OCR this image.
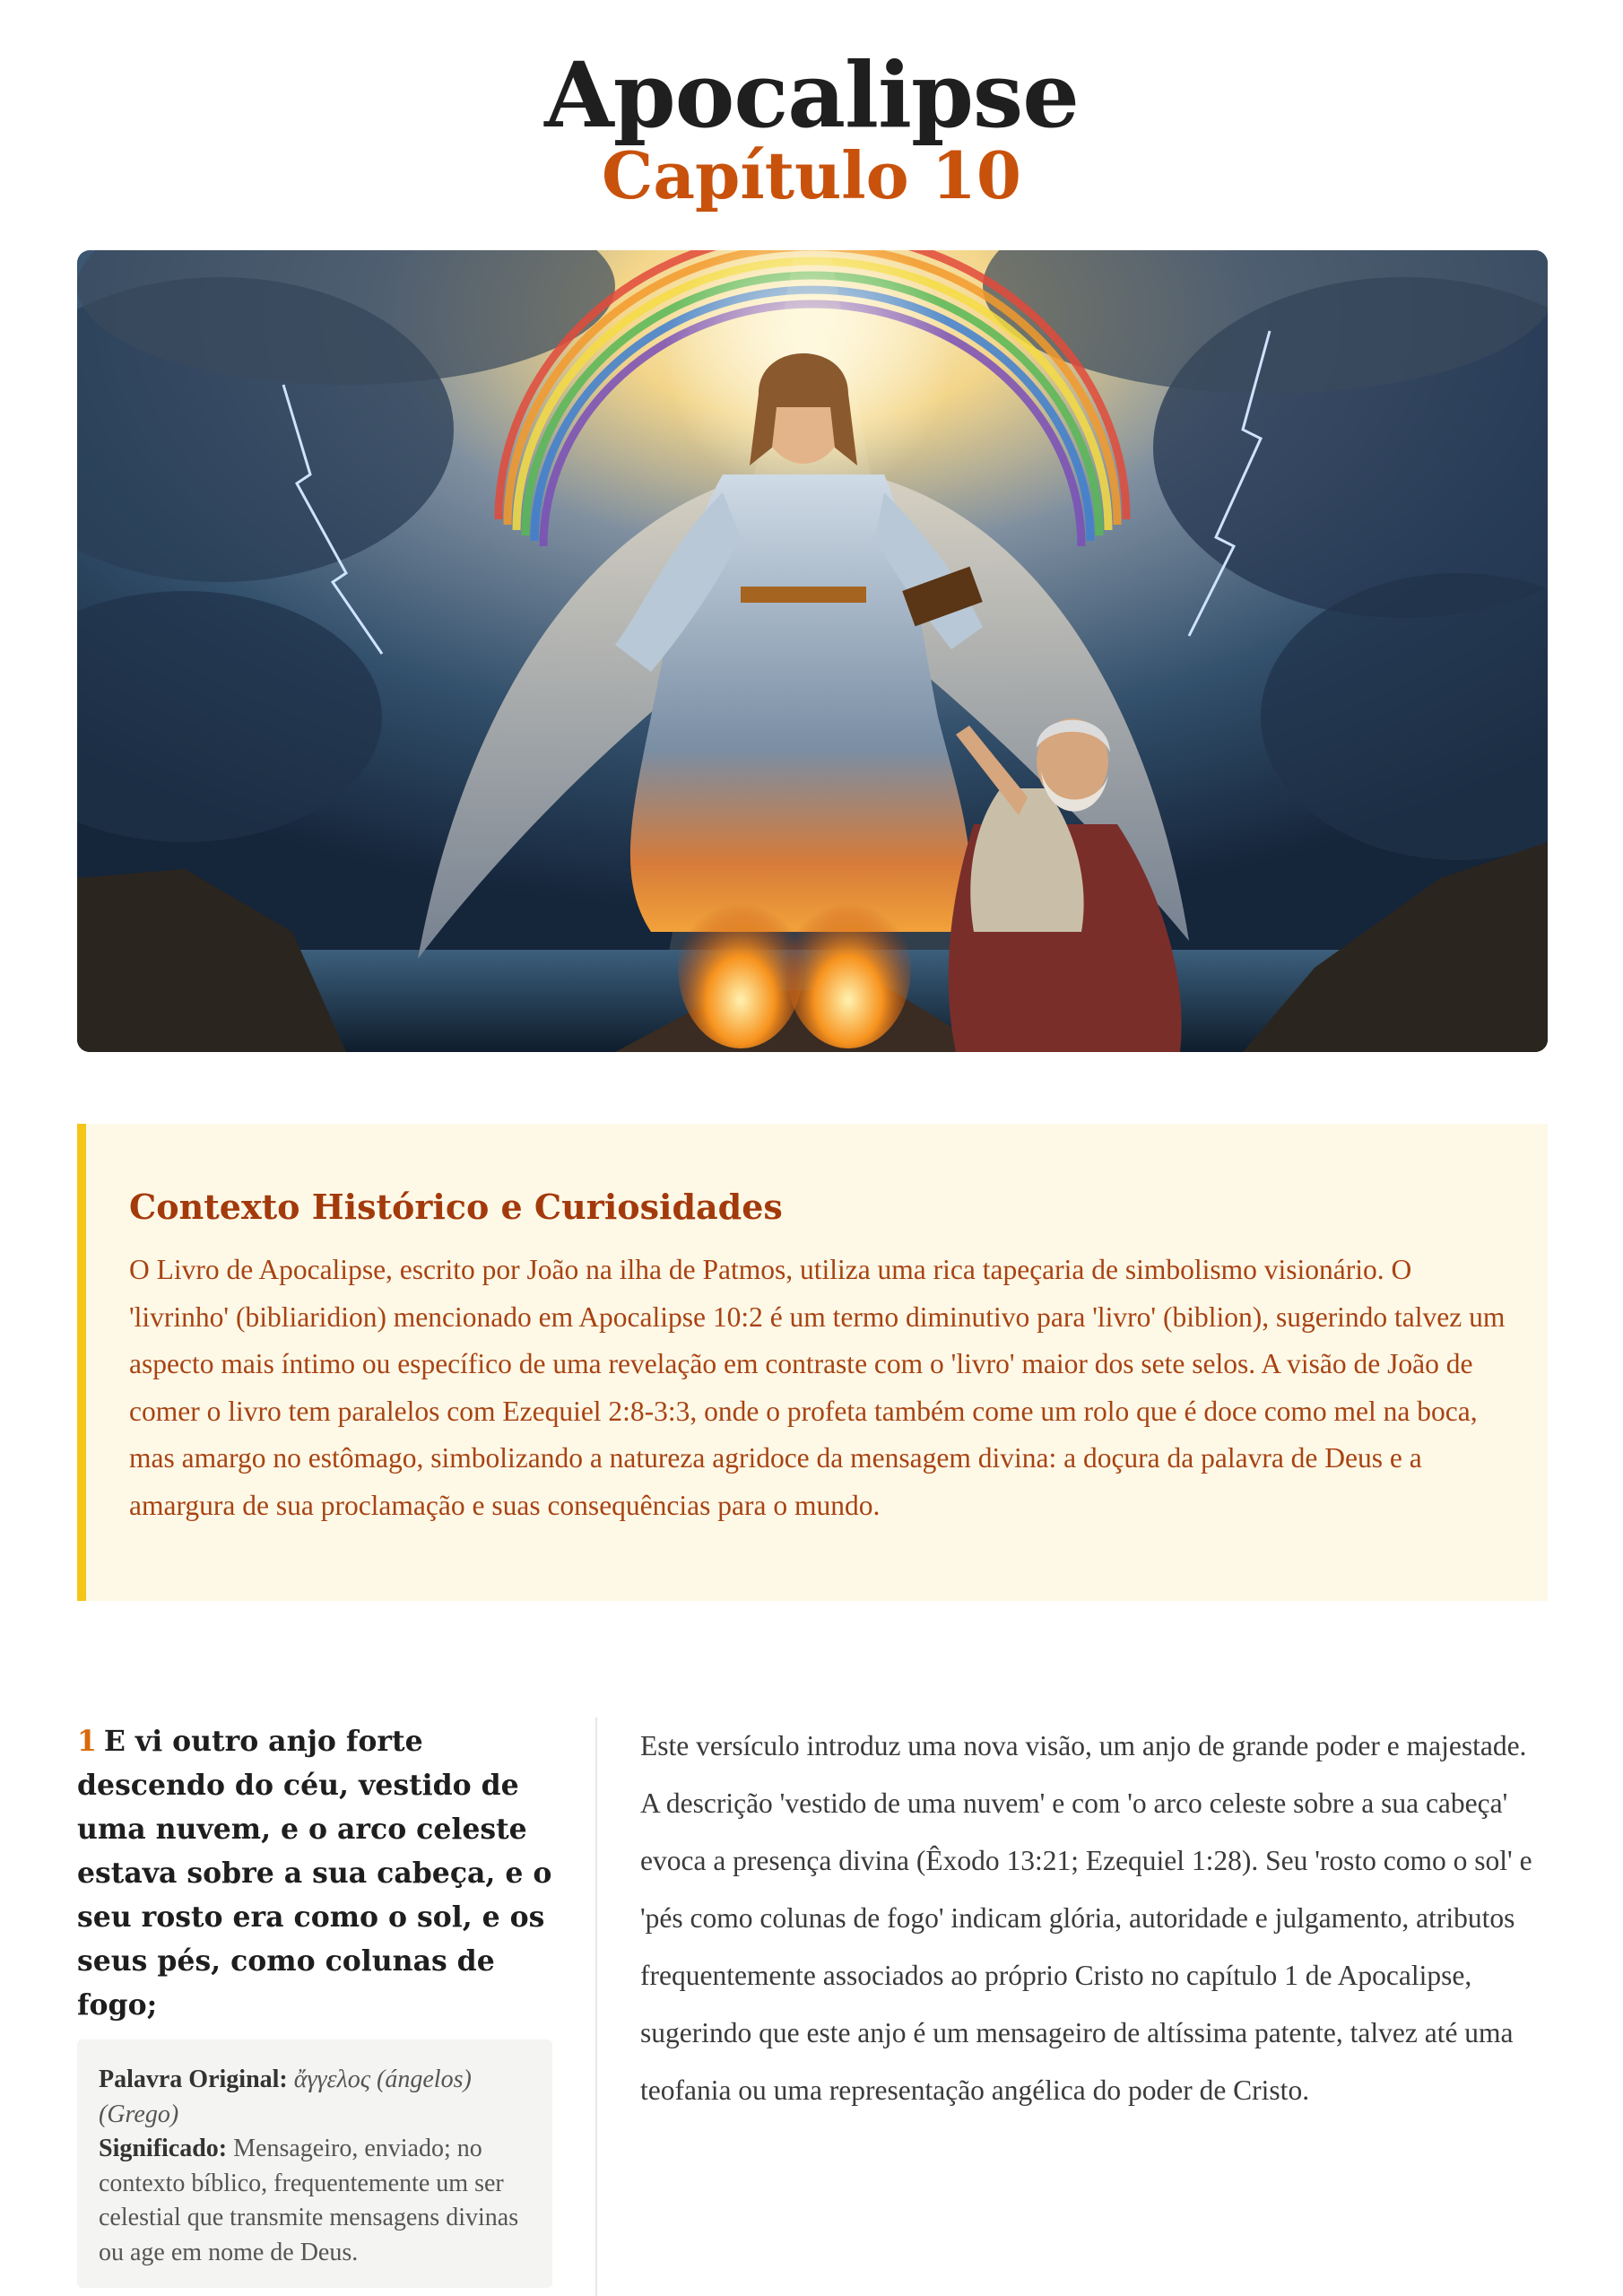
Apocalipse
Capítulo 10
Contexto Histórico e Curiosidades

O Livro de Apocalipse, escrito por João na ilha de Patmos, utiliza uma rica tapeçaria de simbolismo visionário. O 'livrinho' (bibliaridion) mencionado em Apocalipse 10:2 é um termo diminutivo para 'livro' (biblion), sugerindo talvez um aspecto mais íntimo ou específico de uma revelação em contraste com o 'livro' maior dos sete selos. A visão de João de comer o livro tem paralelos com Ezequiel 2:8-3:3, onde o profeta também come um rolo que é doce como mel na boca, mas amargo no estômago, simbolizando a natureza agridoce da mensagem divina: a doçura da palavra de Deus e a amargura de sua proclamação e suas consequências para o mundo.

1 E vi outro anjo forte descendo do céu, vestido de uma nuvem, e o arco celeste estava sobre a sua cabeça, e o seu rosto era como o sol, e os seus pés, como colunas de fogo;
Palavra Original: ἄγγελος (ángelos) (Grego)
Significado: Mensageiro, enviado; no contexto bíblico, frequentemente um ser celestial que transmite mensagens divinas ou age em nome de Deus.
Este versículo introduz uma nova visão, um anjo de grande poder e majestade. A descrição 'vestido de uma nuvem' e com 'o arco celeste sobre a sua cabeça' evoca a presença divina (Êxodo 13:21; Ezequiel 1:28). Seu 'rosto como o sol' e 'pés como colunas de fogo' indicam glória, autoridade e julgamento, atributos frequentemente associados ao próprio Cristo no capítulo 1 de Apocalipse, sugerindo que este anjo é um mensageiro de altíssima patente, talvez até uma teofania ou uma representação angélica do poder de Cristo.
